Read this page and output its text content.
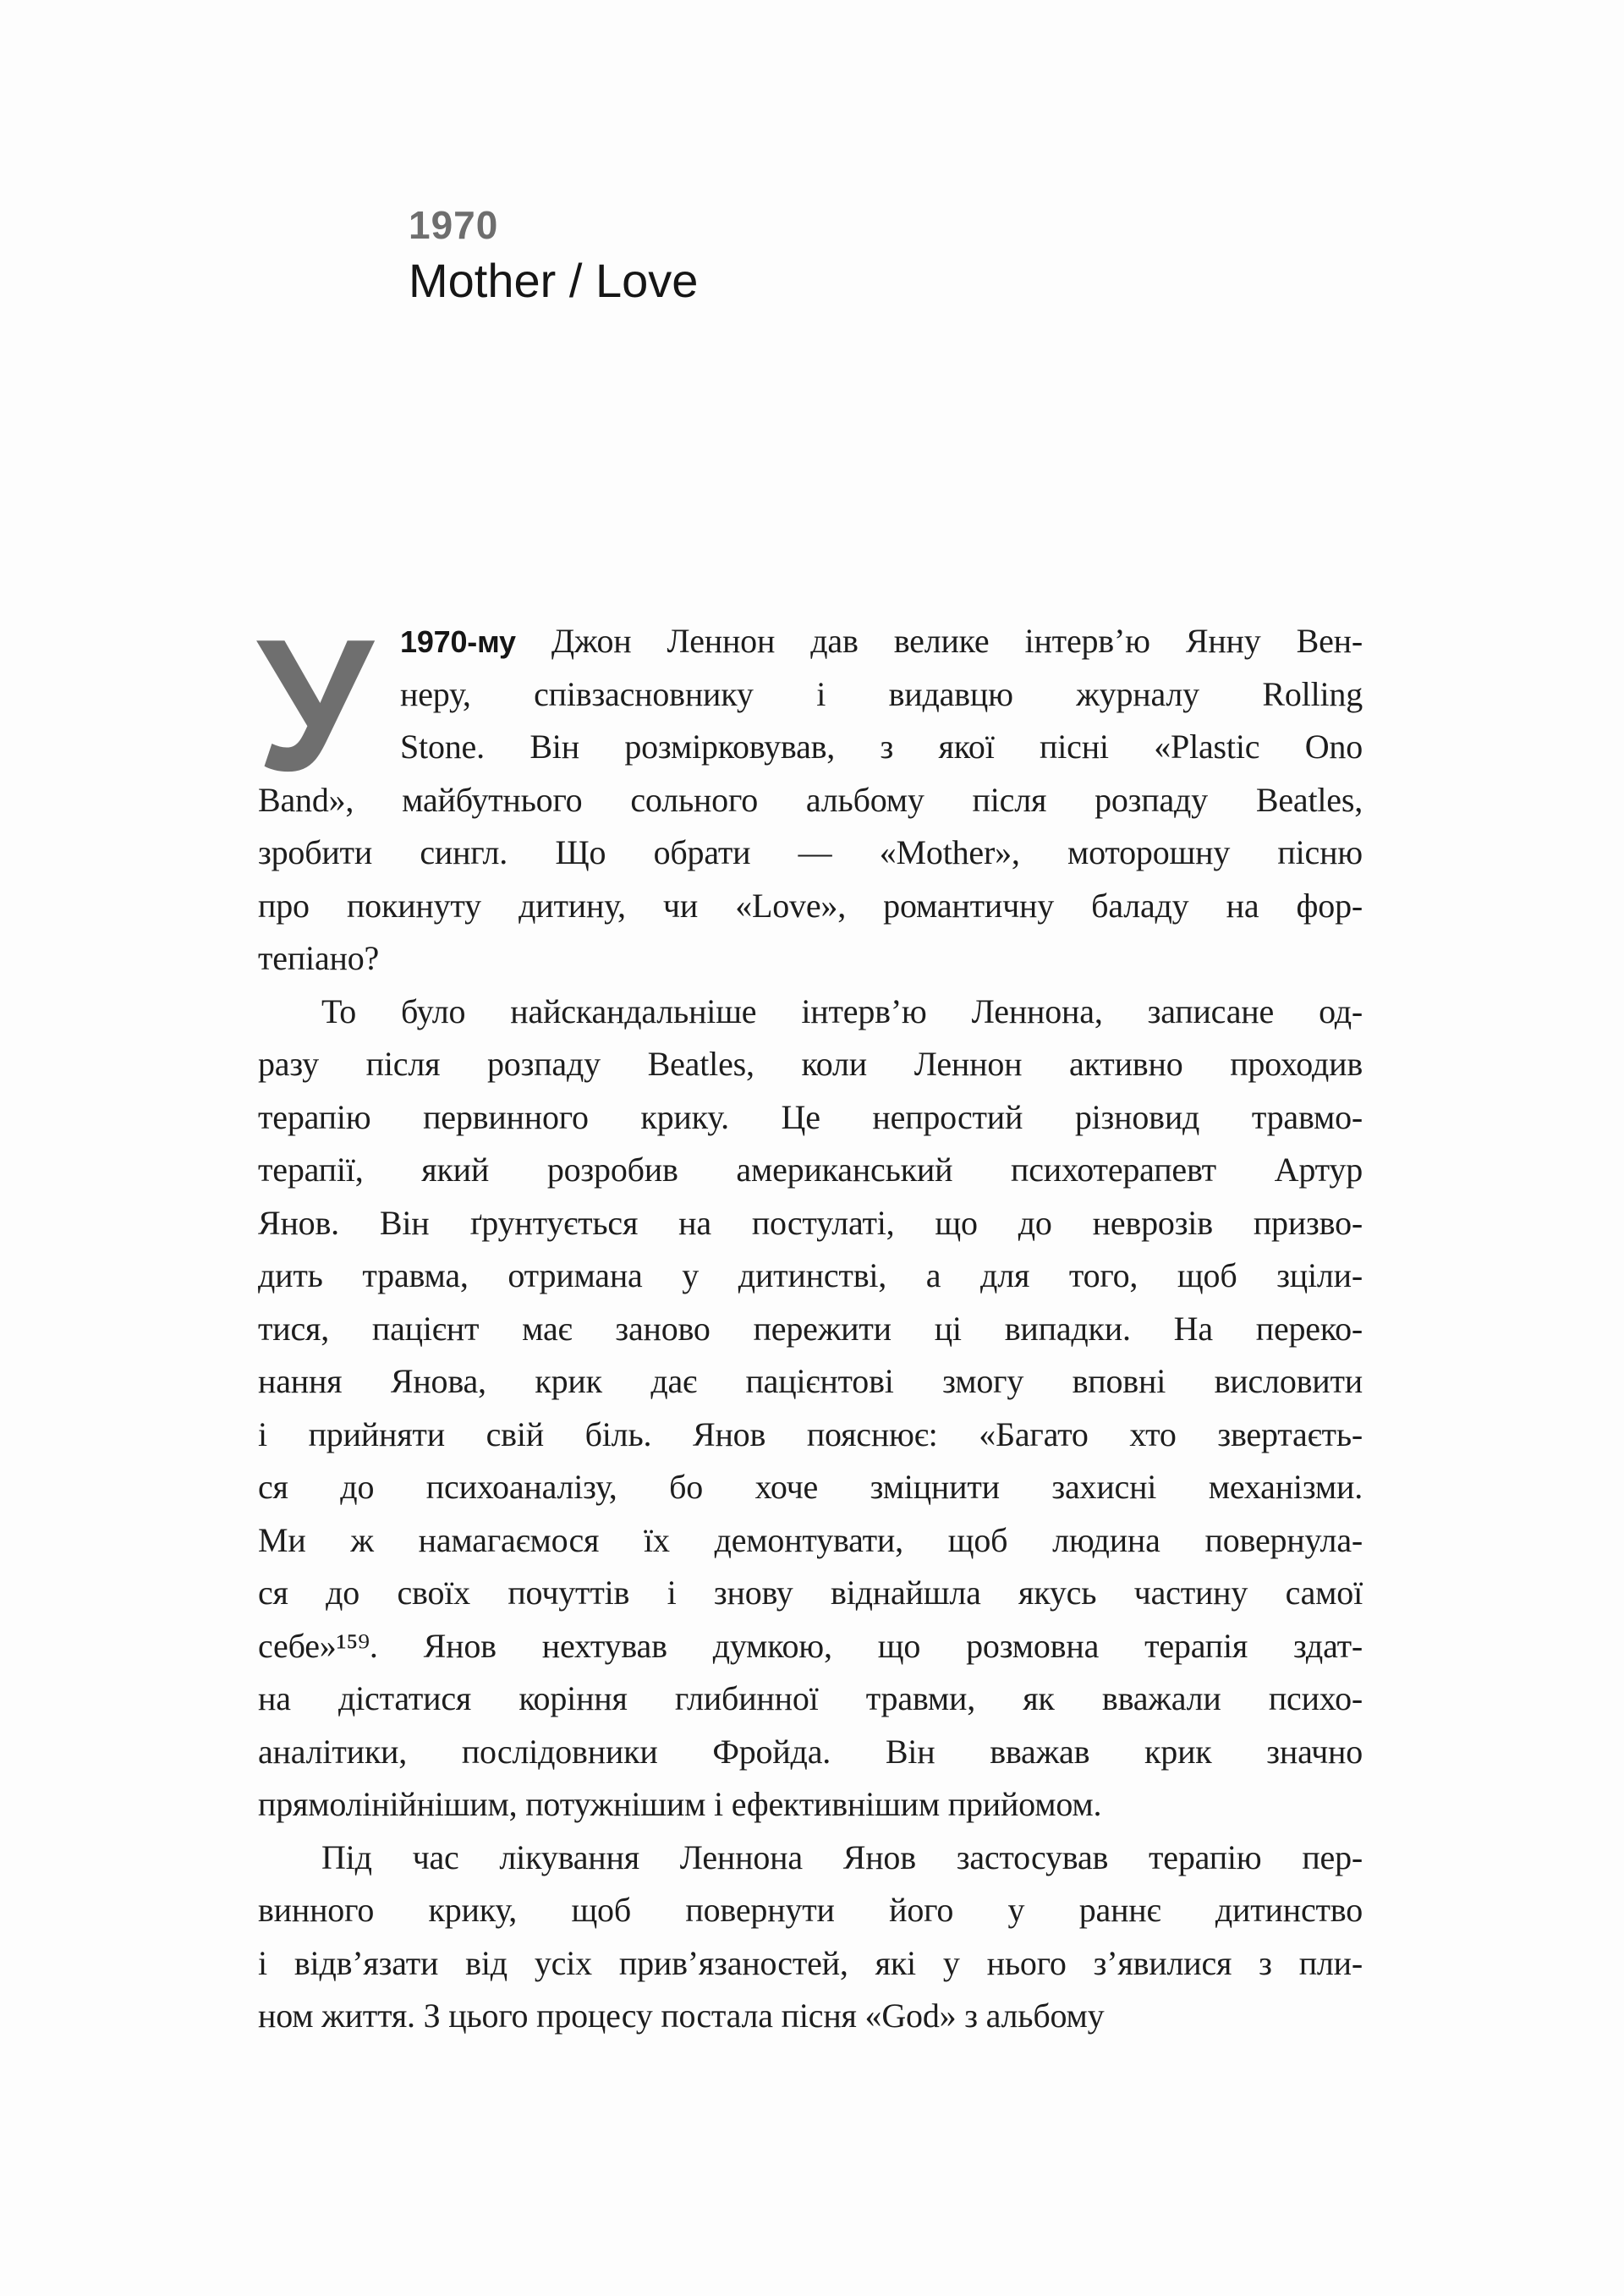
1970
Mother / Love
У 1970-му Джон Леннон дав велике інтерв’ю Янну Вен-
неру, співзасновнику і видавцю журналу Rolling
Stone. Він розмірковував, з якої пісні «Plastic Ono
Band», майбутнього сольного альбому після розпаду Beatles,
зробити сингл. Що обрати — «Mother», моторошну пісню
про покинуту дитину, чи «Love», романтичну баладу на фор-
тепіано?
То було найскандальніше інтерв’ю Леннона, записане од-
разу після розпаду Beatles, коли Леннон активно проходив
терапію первинного крику. Це непростий різновид травмо-
терапії, який розробив американський психотерапевт Артур
Янов. Він ґрунтується на постулаті, що до неврозів призво-
дить травма, отримана у дитинстві, а для того, щоб зціли-
тися, пацієнт має заново пережити ці випадки. На переко-
нання Янова, крик дає пацієнтові змогу вповні висловити
і прийняти свій біль. Янов пояснює: «Багато хто звертаєть-
ся до психоаналізу, бо хоче зміцнити захисні механізми.
Ми ж намагаємося їх демонтувати, щоб людина повернула-
ся до своїх почуттів і знову віднайшла якусь частину самої
себе»¹⁵⁹. Янов нехтував думкою, що розмовна терапія здат-
на дістатися коріння глибинної травми, як вважали психо-
аналітики, послідовники Фройда. Він вважав крик значно
прямолінійнішим, потужнішим і ефективнішим прийомом.
Під час лікування Леннона Янов застосував терапію пер-
винного крику, щоб повернути його у раннє дитинство
і відв’язати від усіх прив’язаностей, які у нього з’явилися з пли-
ном життя. З цього процесу постала пісня «God» з альбому
